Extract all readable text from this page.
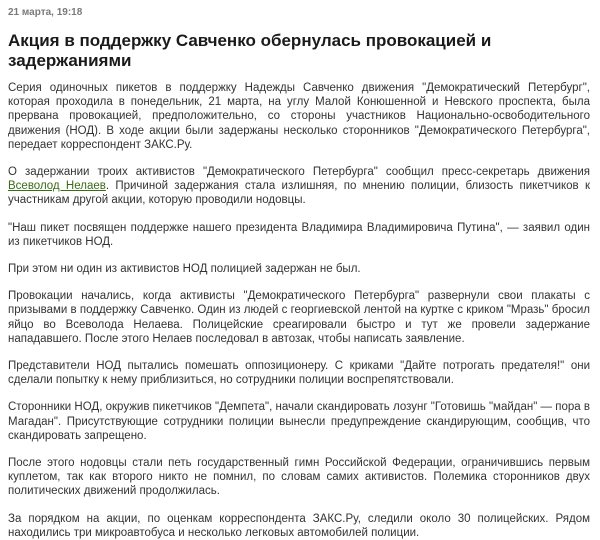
21 марта, 19:18
Акция в поддержку Савченко обернулась провокацией и задержаниями

Серия одиночных пикетов в поддержку Надежды Савченко движения "Демократический Петербург", которая проходила в понедельник, 21 марта, на углу Малой Конюшенной и Невского проспекта, была прервана провокацией, предположительно, со стороны участников Национально-освободительного движения (НОД). В ходе акции были задержаны несколько сторонников "Демократического Петербурга", передает корреспондент ЗАКС.Ру.

О задержании троих активистов "Демократического Петербурга" сообщил пресс-секретарь движения Всеволод Нелаев. Причиной задержания стала излишняя, по мнению полиции, близость пикетчиков к участникам другой акции, которую проводили нодовцы.

"Наш пикет посвящен поддержке нашего президента Владимира Владимировича Путина", — заявил один из пикетчиков НОД.

При этом ни один из активистов НОД полицией задержан не был.

Провокации начались, когда активисты "Демократического Петербурга" развернули свои плакаты с призывами в поддержку Савченко. Один из людей с георгиевской лентой на куртке с криком "Мразь" бросил яйцо во Всеволода Нелаева. Полицейские среагировали быстро и тут же провели задержание нападавшего. После этого Нелаев последовал в автозак, чтобы написать заявление.

Представители НОД пытались помешать оппозиционеру. С криками "Дайте потрогать предателя!" они сделали попытку к нему приблизиться, но сотрудники полиции воспрепятствовали.

Сторонники НОД, окружив пикетчиков "Демпета", начали скандировать лозунг "Готовишь "майдан" — пора в Магадан". Присутствующие сотрудники полиции вынесли предупреждение скандирующим, сообщив, что скандировать запрещено.

После этого нодовцы стали петь государственный гимн Российской Федерации, ограничившись первым куплетом, так как второго никто не помнил, по словам самих активистов. Полемика сторонников двух политических движений продолжилась.

За порядком на акции, по оценкам корреспондента ЗАКС.Ру, следили около 30 полицейских. Рядом находились три микроавтобуса и несколько легковых автомобилей полиции.
